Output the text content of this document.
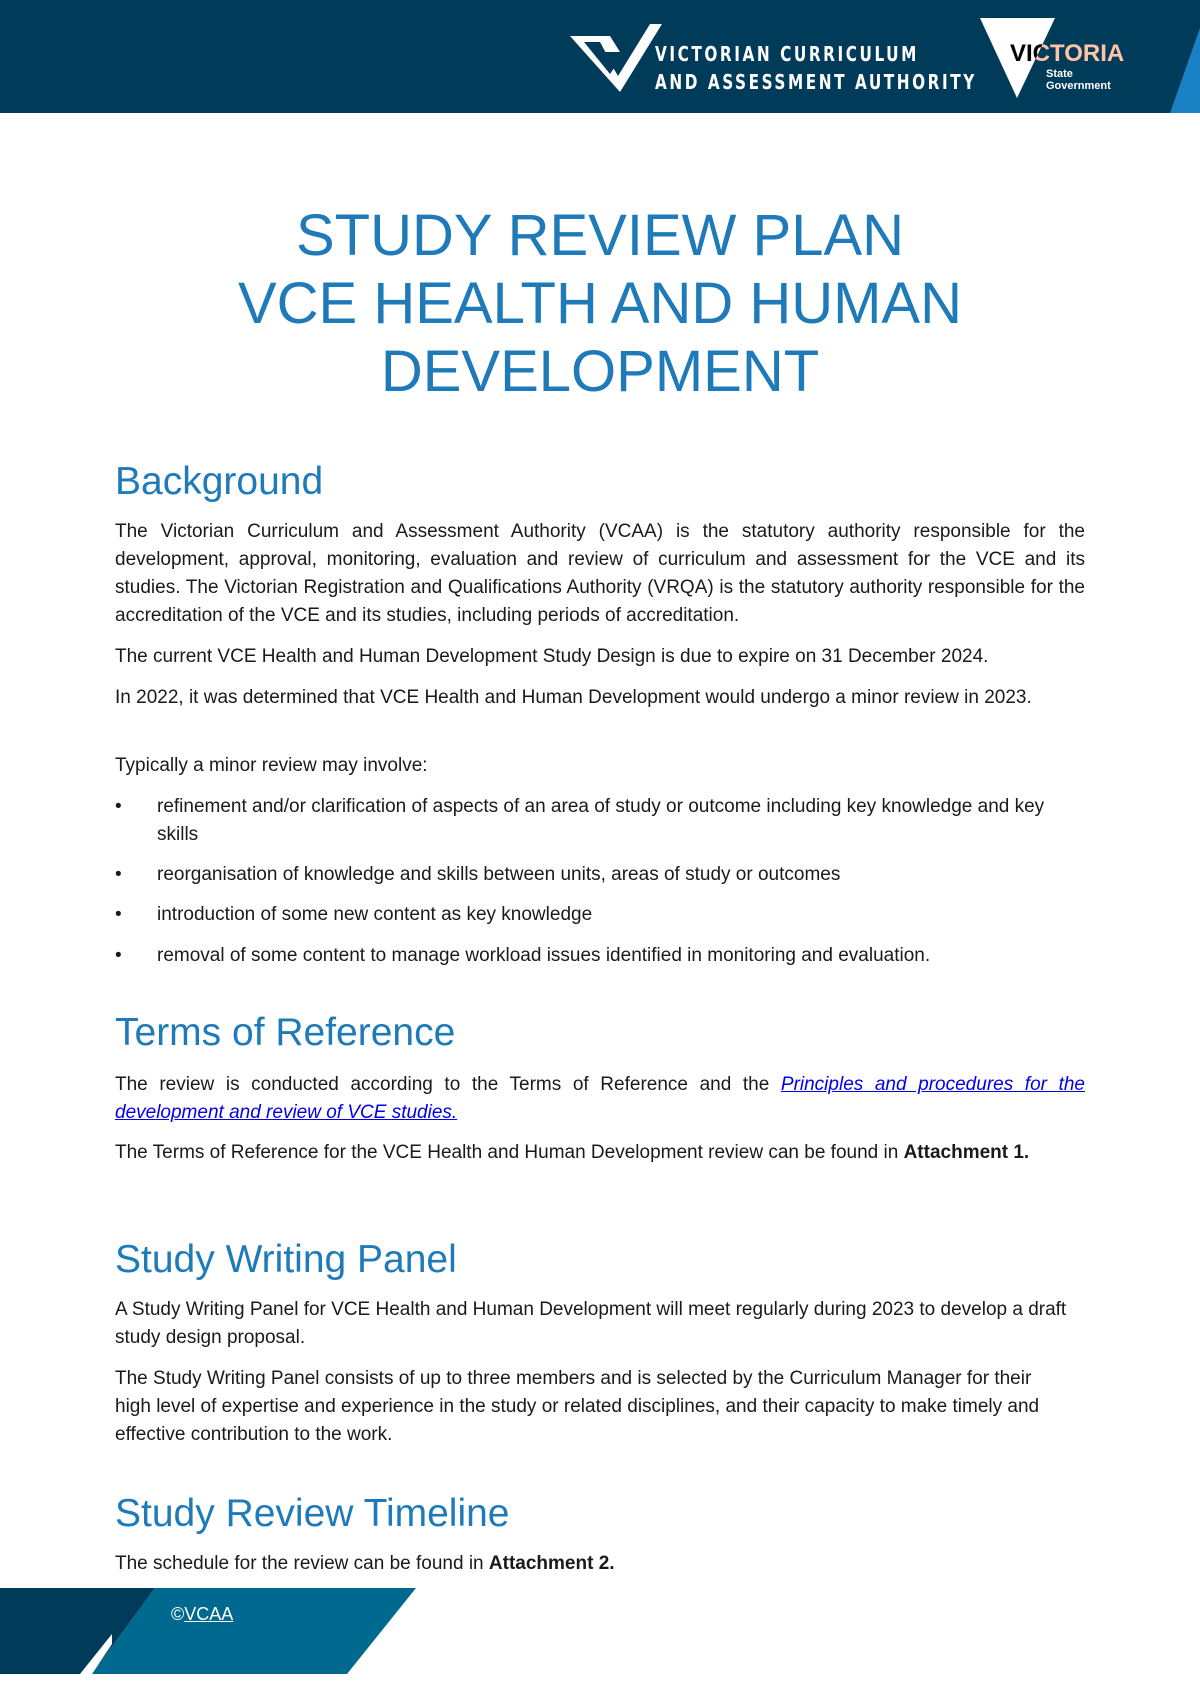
VICTORIAN CURRICULUM
AND ASSESSMENT AUTHORITY
VICTORIA
State
Government
STUDY REVIEW PLAN
VCE HEALTH AND HUMAN
DEVELOPMENT
Background

The Victorian Curriculum and Assessment Authority (VCAA) is the statutory authority responsible for the development, approval, monitoring, evaluation and review of curriculum and assessment for the VCE and its studies. The Victorian Registration and Qualifications Authority (VRQA) is the statutory authority responsible for the accreditation of the VCE and its studies, including periods of accreditation.

The current VCE Health and Human Development Study Design is due to expire on 31 December 2024.

In 2022, it was determined that VCE Health and Human Development would undergo a minor review in 2023.

Typically a minor review may involve:

• refinement and/or clarification of aspects of an area of study or outcome including key knowledge and key skills
• reorganisation of knowledge and skills between units, areas of study or outcomes
• introduction of some new content as key knowledge
• removal of some content to manage workload issues identified in monitoring and evaluation.
Terms of Reference

The review is conducted according to the Terms of Reference and the Principles and procedures for the development and review of VCE studies.

The Terms of Reference for the VCE Health and Human Development review can be found in Attachment 1.

Study Writing Panel

A Study Writing Panel for VCE Health and Human Development will meet regularly during 2023 to develop a draft study design proposal.

The Study Writing Panel consists of up to three members and is selected by the Curriculum Manager for their high level of expertise and experience in the study or related disciplines, and their capacity to make timely and effective contribution to the work.

Study Review Timeline

The schedule for the review can be found in Attachment 2.

©VCAA
